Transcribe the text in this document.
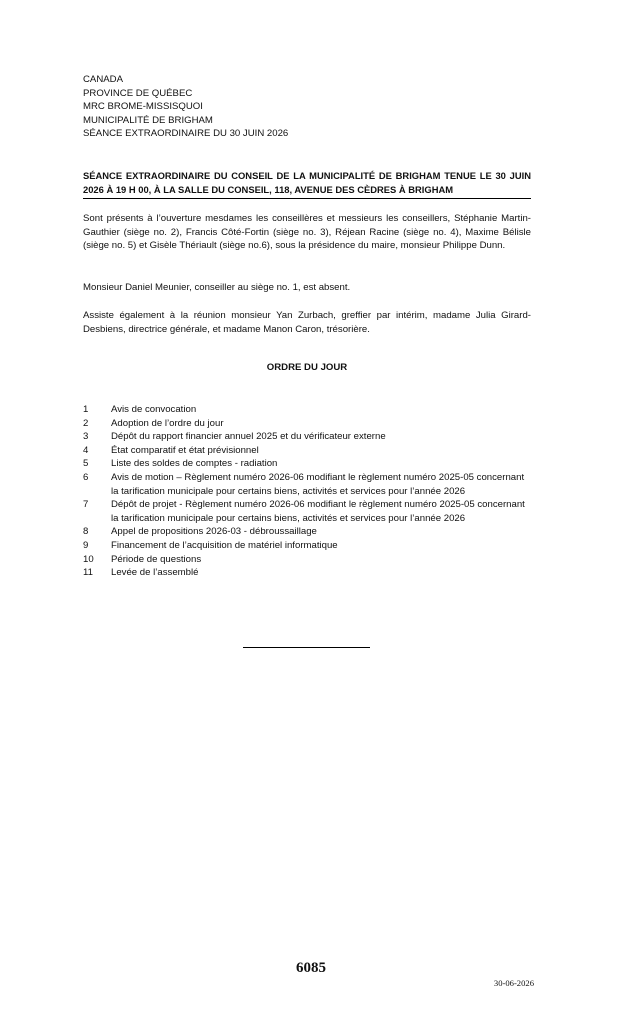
CANADA
PROVINCE DE QUÉBEC
MRC BROME-MISSISQUOI
MUNICIPALITÉ DE BRIGHAM
SÉANCE EXTRAORDINAIRE DU 30 JUIN 2026
SÉANCE EXTRAORDINAIRE DU CONSEIL DE LA MUNICIPALITÉ DE BRIGHAM TENUE LE 30 JUIN 2026 À 19 H 00, À LA SALLE DU CONSEIL, 118, AVENUE DES CÈDRES À BRIGHAM
Sont présents à l’ouverture mesdames les conseillères et messieurs les conseillers, Stéphanie Martin-Gauthier (siège no. 2), Francis Côté-Fortin (siège no. 3), Réjean Racine (siège no. 4), Maxime Bélisle (siège no. 5) et Gisèle Thériault (siège no.6), sous la présidence du maire, monsieur Philippe Dunn.
Monsieur Daniel Meunier, conseiller au siège no. 1, est absent.
Assiste également à la réunion monsieur Yan Zurbach, greffier par intérim, madame Julia Girard-Desbiens, directrice générale, et madame Manon Caron, trésorière.
ORDRE DU JOUR
1	Avis de convocation
2	Adoption de l’ordre du jour
3	Dépôt du rapport financier annuel 2025 et du vérificateur externe
4	État comparatif et état prévisionnel
5	Liste des soldes de comptes - radiation
6	Avis de motion – Règlement numéro 2026-06 modifiant le règlement numéro 2025-05 concernant la tarification municipale pour certains biens, activités et services pour l’année 2026
7	Dépôt de projet - Règlement numéro 2026-06 modifiant le règlement numéro 2025-05 concernant la tarification municipale pour certains biens, activités et services pour l’année 2026
8	Appel de propositions 2026-03 - débroussaillage
9	Financement de l’acquisition de matériel informatique
10	Période de questions
11	Levée de l’assemblé
6085
30-06-2026
